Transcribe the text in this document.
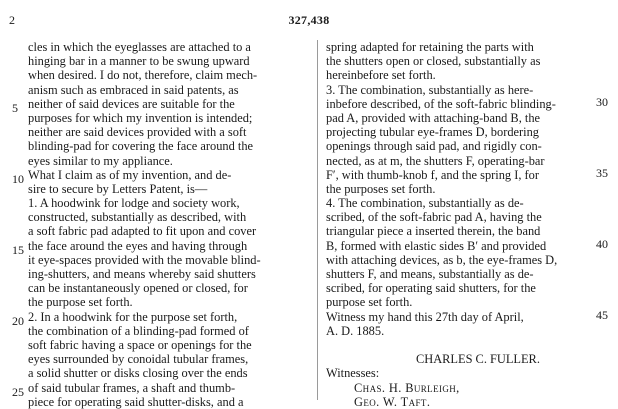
2	327,438
cles in which the eyeglasses are attached to a
hinging bar in a manner to be swung upward
when desired. I do not, therefore, claim mech-
anism such as embraced in said patents, as
neither of said devices are suitable for the
purposes for which my invention is intended;
neither are said devices provided with a soft
blinding-pad for covering the face around the
eyes similar to my appliance.
What I claim as of my invention, and de-
sire to secure by Letters Patent, is—
1. A hoodwink for lodge and society work,
constructed, substantially as described, with
a soft fabric pad adapted to fit upon and cover
the face around the eyes and having through
it eye-spaces provided with the movable blind-
ing-shutters, and means whereby said shutters
can be instantaneously opened or closed, for
the purpose set forth.
2. In a hoodwink for the purpose set forth,
the combination of a blinding-pad formed of
soft fabric having a space or openings for the
eyes surrounded by conoidal tubular frames,
a solid shutter or disks closing over the ends
of said tubular frames, a shaft and thumb-
piece for operating said shutter-disks, and a
spring adapted for retaining the parts with
the shutters open or closed, substantially as
hereinbefore set forth.
3. The combination, substantially as here-
inbefore described, of the soft-fabric blinding-
pad A, provided with attaching-band B, the
projecting tubular eye-frames D, bordering
openings through said pad, and rigidly con-
nected, as at m, the shutters F, operating-bar
F′, with thumb-knob f, and the spring I, for
the purposes set forth.
4. The combination, substantially as de-
scribed, of the soft-fabric pad A, having the
triangular piece a inserted therein, the band
B, formed with elastic sides B′ and provided
with attaching devices, as b, the eye-frames D,
shutters F, and means, substantially as de-
scribed, for operating said shutters, for the
purpose set forth.
Witness my hand this 27th day of April,
A. D. 1885.
CHARLES C. FULLER.
Witnesses:
Chas. H. Burleigh,
Geo. W. Taft.
5
10
15
20
25
30
35
40
45
